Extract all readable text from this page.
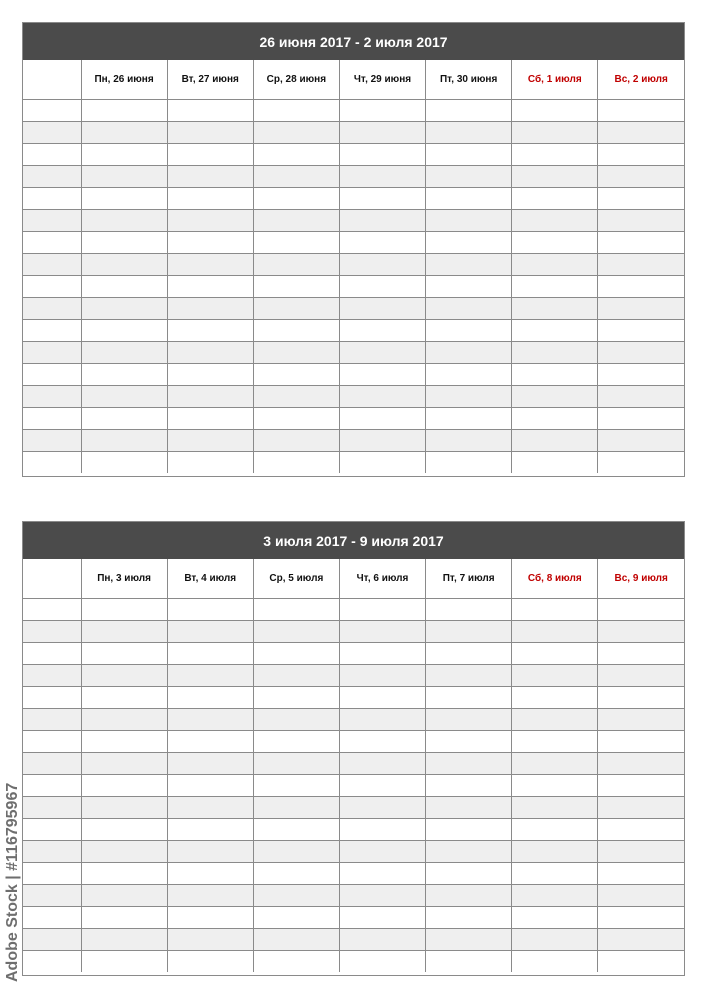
26 июня 2017 - 2 июля 2017
	Пн, 26 июня	Вт, 27 июня	Ср, 28 июня	Чт, 29 июня	Пт, 30 июня	Сб, 1 июля	Вс, 2 июля

3 июля 2017 - 9 июля 2017
	Пн, 3 июля	Вт, 4 июля	Ср, 5 июля	Чт, 6 июля	Пт, 7 июля	Сб, 8 июля	Вс, 9 июля

Adobe Stock | #116795967
